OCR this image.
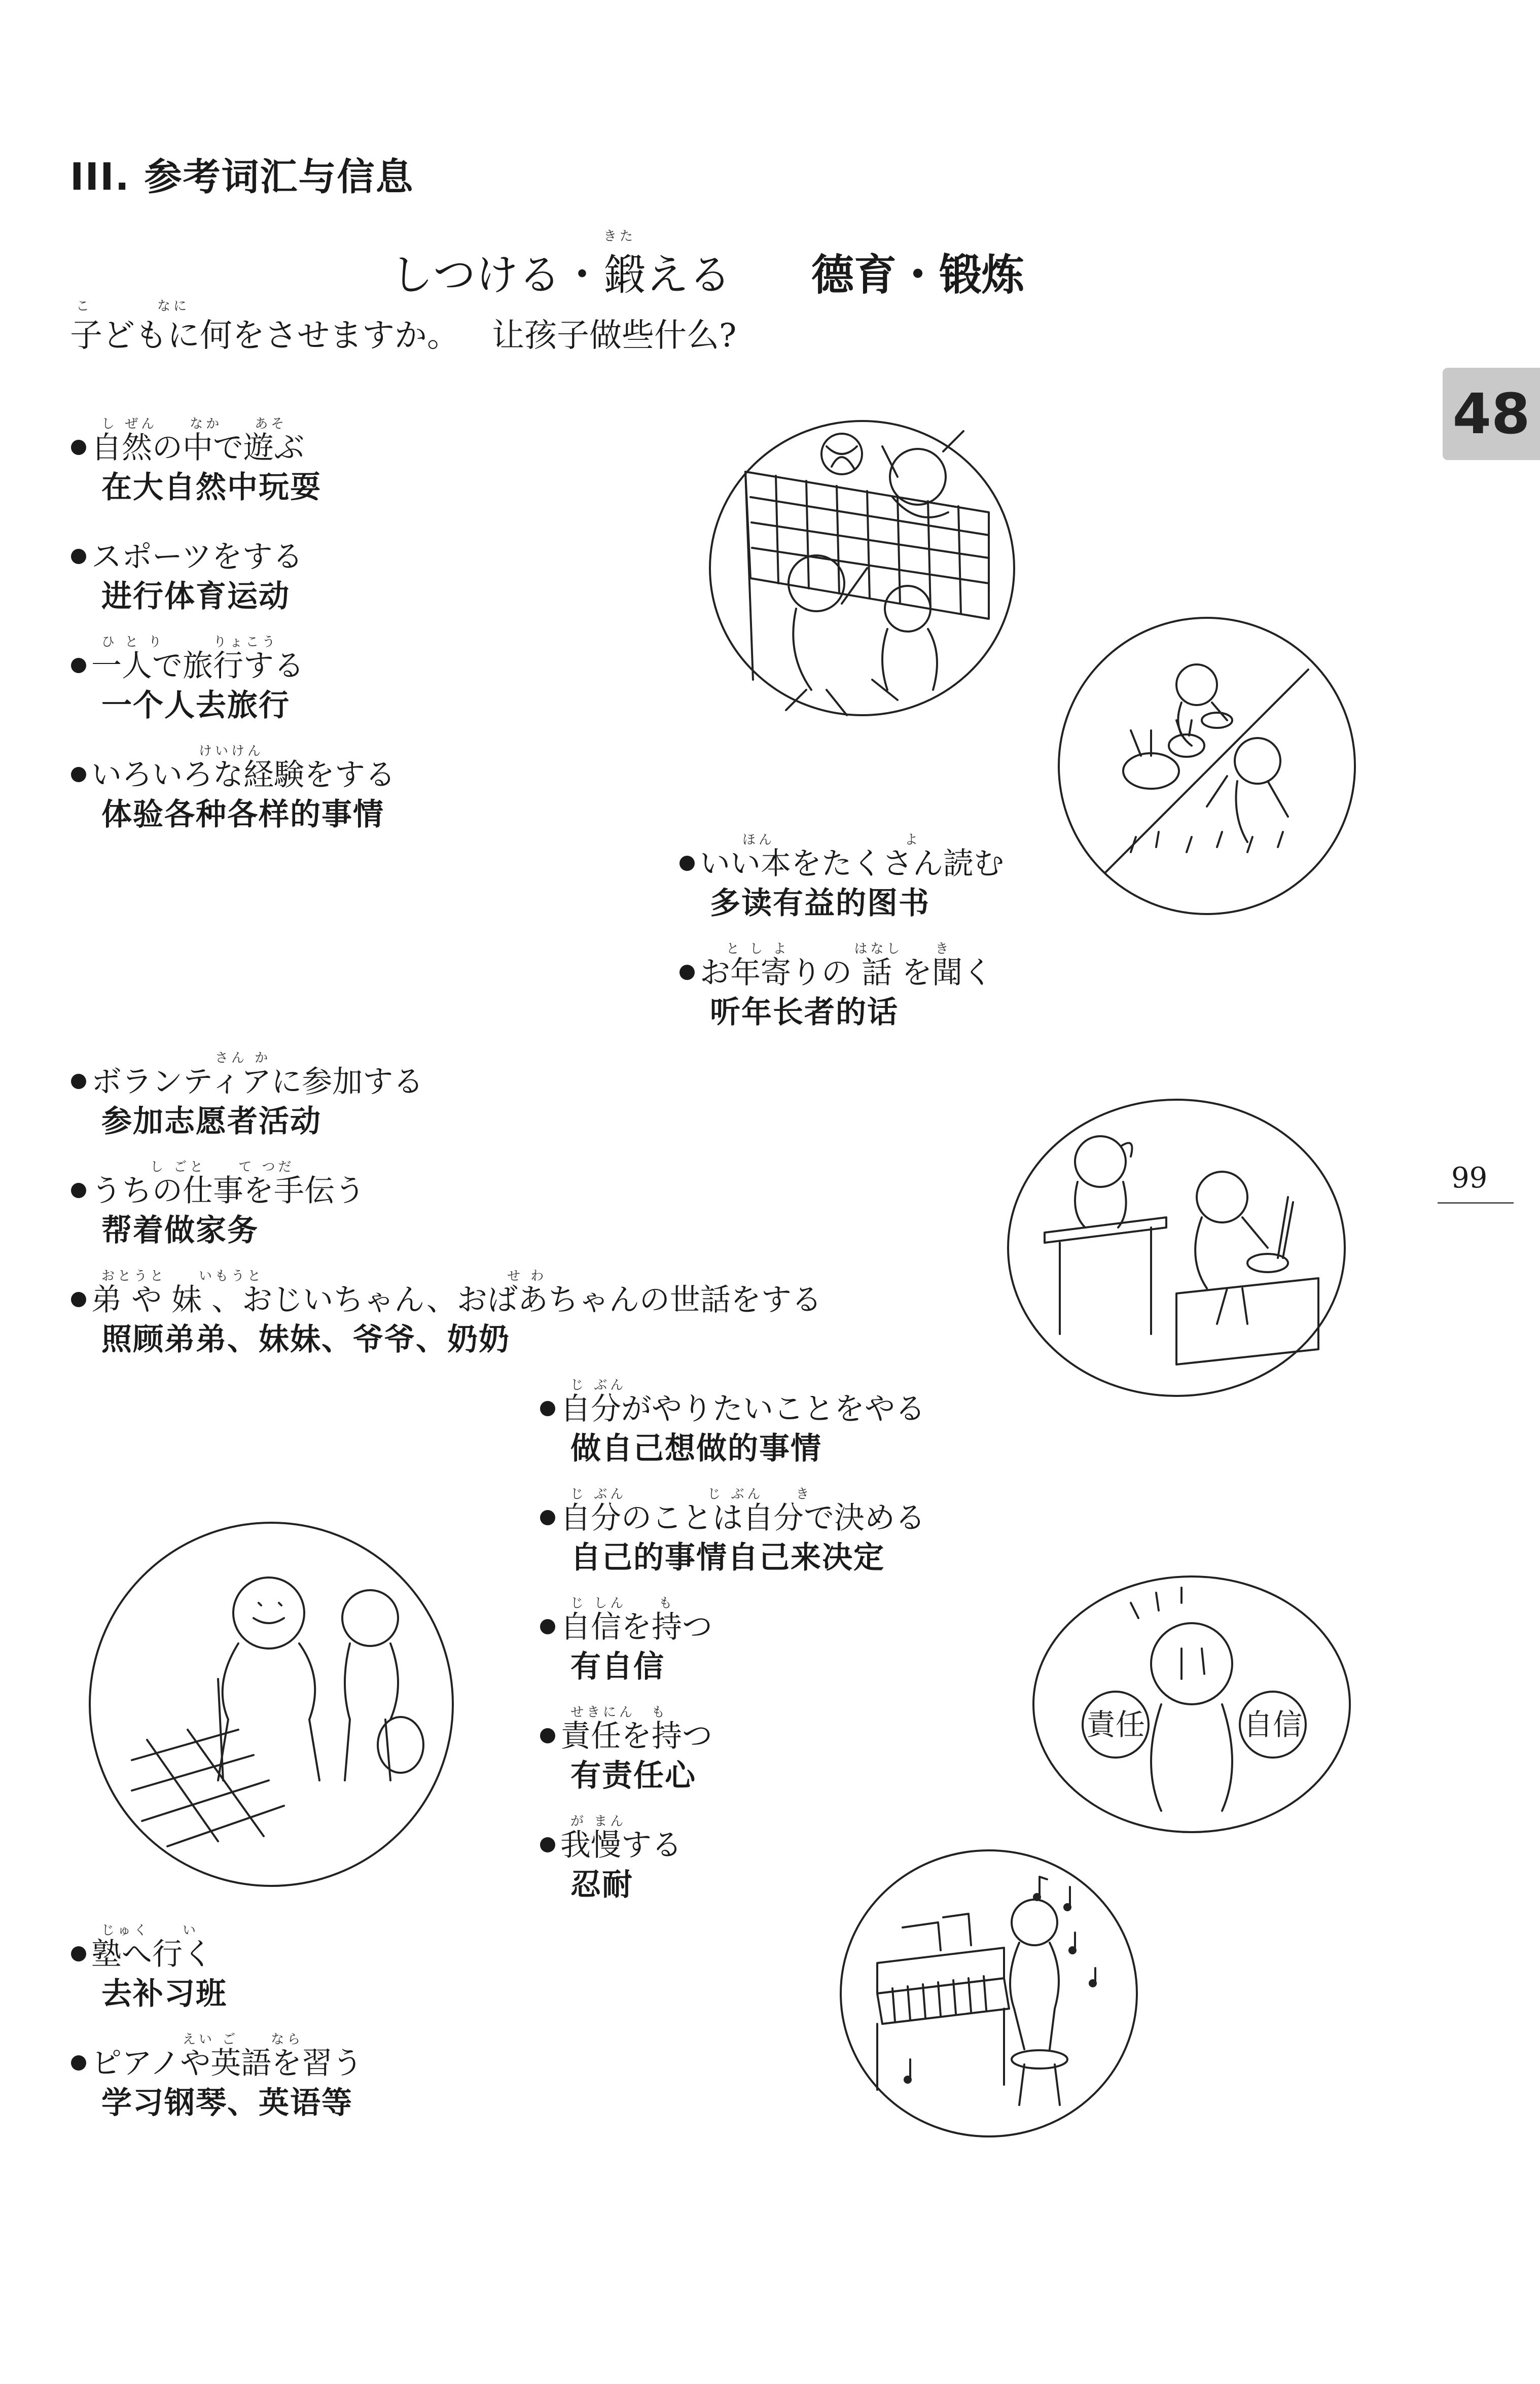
III. 参考词汇与信息
きた
しつける・鍛える 德育・锻炼
こ　　　　なに
子どもに何をさせますか。 让孩子做些什么?
48
99
し ぜん　　なか　　あそ
自然の中で遊ぶ
在大自然中玩耍
スポーツをする
进行体育运动
ひ と り　　　りょこう
一人で旅行する
一个人去旅行
　　　　　　けいけん
いろいろな経験をする
体验各种各样的事情
　　ほん　　　　　　　　よ
いい本をたくさん読む
多读有益的图书
　と し よ　　　　はなし　　き
お年寄りの 話 を聞く
听年长者的话
　　　　　　　さん か
ボランティアに参加する
参加志愿者活动
　　　し ごと　　て つだ
うちの仕事を手伝う
帮着做家务
おとうと　　いもうと　　　　　　　　　　　　　　　せ わ
弟 や 妹 、おじいちゃん、おばあちゃんの世話をする
照顾弟弟、妹妹、爷爷、奶奶
じ ぶん
自分がやりたいことをやる
做自己想做的事情
じ ぶん　　　　　じ ぶん　　き
自分のことは自分で決める
自己的事情自己来决定
じ しん　　も
自信を持つ
有自信
せきにん　も
責任を持つ
有责任心
が まん
我慢する
忍耐
じゅく　　い
塾へ行く
去补习班
　　　　　えい ご　　なら
ピアノや英語を習う
学习钢琴、英语等
責任	自信
